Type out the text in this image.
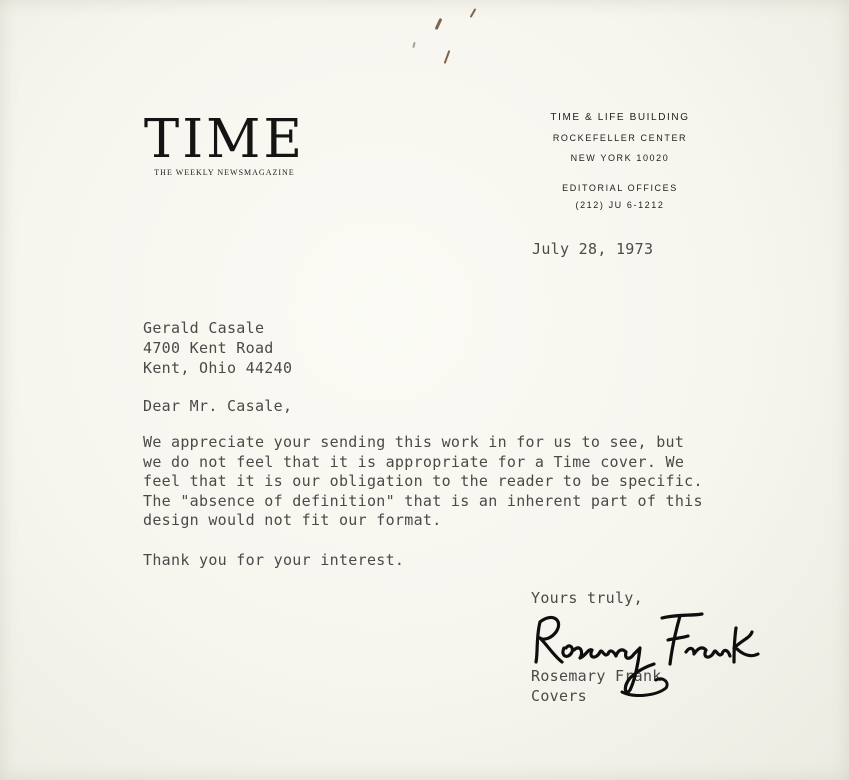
TIME
THE WEEKLY NEWSMAGAZINE
TIME & LIFE BUILDING
ROCKEFELLER CENTER
NEW YORK 10020
EDITORIAL OFFICES
(212) JU 6-1212
July 28, 1973
Gerald Casale
4700 Kent Road
Kent, Ohio 44240
Dear Mr. Casale,
We appreciate your sending this work in for us to see, but
we do not feel that it is appropriate for a Time cover. We
feel that it is our obligation to the reader to be specific.
The "absence of definition" that is an inherent part of this
design would not fit our format.
Thank you for your interest.
Yours truly,
Rosemary Frank
Covers
